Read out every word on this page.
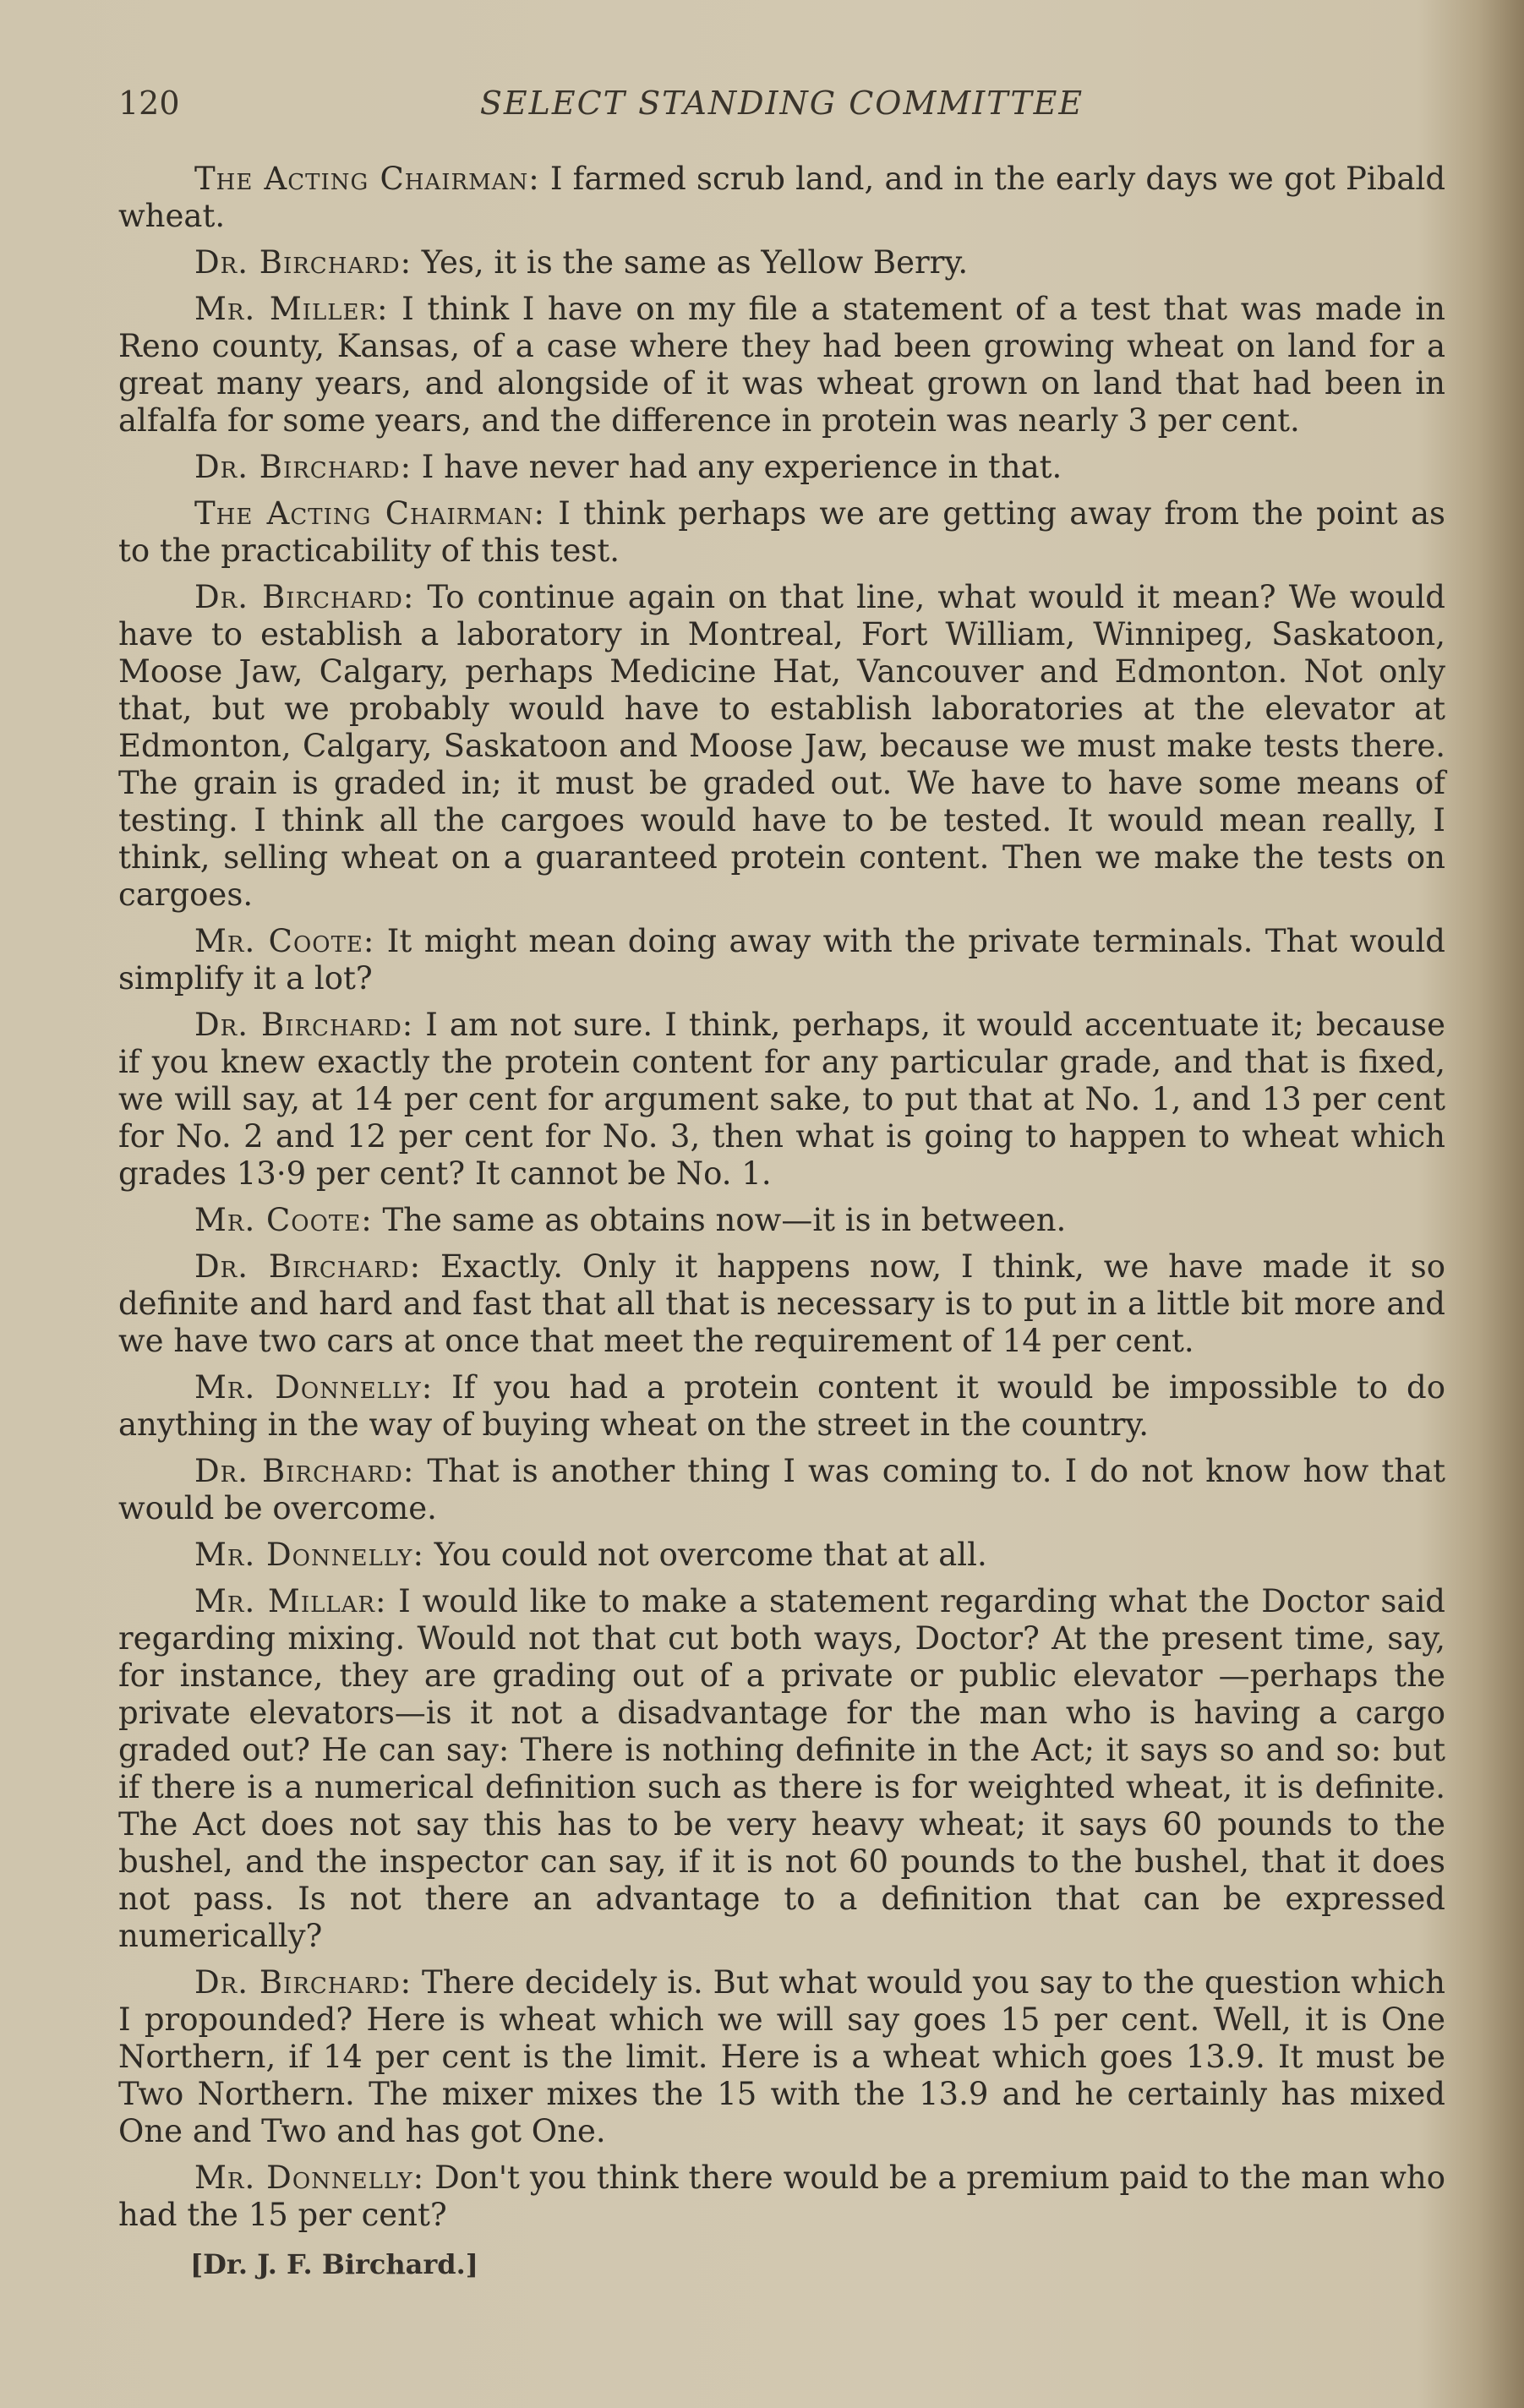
120	SELECT STANDING COMMITTEE

The Acting Chairman: I farmed scrub land, and in the early days we got Pibald wheat.

Dr. Birchard: Yes, it is the same as Yellow Berry.

Mr. Miller: I think I have on my file a statement of a test that was made in Reno county, Kansas, of a case where they had been growing wheat on land for a great many years, and alongside of it was wheat grown on land that had been in alfalfa for some years, and the difference in protein was nearly 3 per cent.

Dr. Birchard: I have never had any experience in that.

The Acting Chairman: I think perhaps we are getting away from the point as to the practicability of this test.

Dr. Birchard: To continue again on that line, what would it mean? We would have to establish a laboratory in Montreal, Fort William, Winnipeg, Saskatoon, Moose Jaw, Calgary, perhaps Medicine Hat, Vancouver and Edmonton. Not only that, but we probably would have to establish laboratories at the elevator at Edmonton, Calgary, Saskatoon and Moose Jaw, because we must make tests there. The grain is graded in; it must be graded out. We have to have some means of testing. I think all the cargoes would have to be tested. It would mean really, I think, selling wheat on a guaranteed protein content. Then we make the tests on cargoes.

Mr. Coote: It might mean doing away with the private terminals. That would simplify it a lot?

Dr. Birchard: I am not sure. I think, perhaps, it would accentuate it; because if you knew exactly the protein content for any particular grade, and that is fixed, we will say, at 14 per cent for argument sake, to put that at No. 1, and 13 per cent for No. 2 and 12 per cent for No. 3, then what is going to happen to wheat which grades 13·9 per cent? It cannot be No. 1.

Mr. Coote: The same as obtains now—it is in between.

Dr. Birchard: Exactly. Only it happens now, I think, we have made it so definite and hard and fast that all that is necessary is to put in a little bit more and we have two cars at once that meet the requirement of 14 per cent.

Mr. Donnelly: If you had a protein content it would be impossible to do anything in the way of buying wheat on the street in the country.

Dr. Birchard: That is another thing I was coming to. I do not know how that would be overcome.

Mr. Donnelly: You could not overcome that at all.

Mr. Millar: I would like to make a statement regarding what the Doctor said regarding mixing. Would not that cut both ways, Doctor? At the present time, say, for instance, they are grading out of a private or public elevator —perhaps the private elevators—is it not a disadvantage for the man who is having a cargo graded out? He can say: There is nothing definite in the Act; it says so and so: but if there is a numerical definition such as there is for weighted wheat, it is definite. The Act does not say this has to be very heavy wheat; it says 60 pounds to the bushel, and the inspector can say, if it is not 60 pounds to the bushel, that it does not pass. Is not there an advantage to a definition that can be expressed numerically?

Dr. Birchard: There decidely is. But what would you say to the question which I propounded? Here is wheat which we will say goes 15 per cent. Well, it is One Northern, if 14 per cent is the limit. Here is a wheat which goes 13.9. It must be Two Northern. The mixer mixes the 15 with the 13.9 and he certainly has mixed One and Two and has got One.

Mr. Donnelly: Don't you think there would be a premium paid to the man who had the 15 per cent?

[Dr. J. F. Birchard.]
